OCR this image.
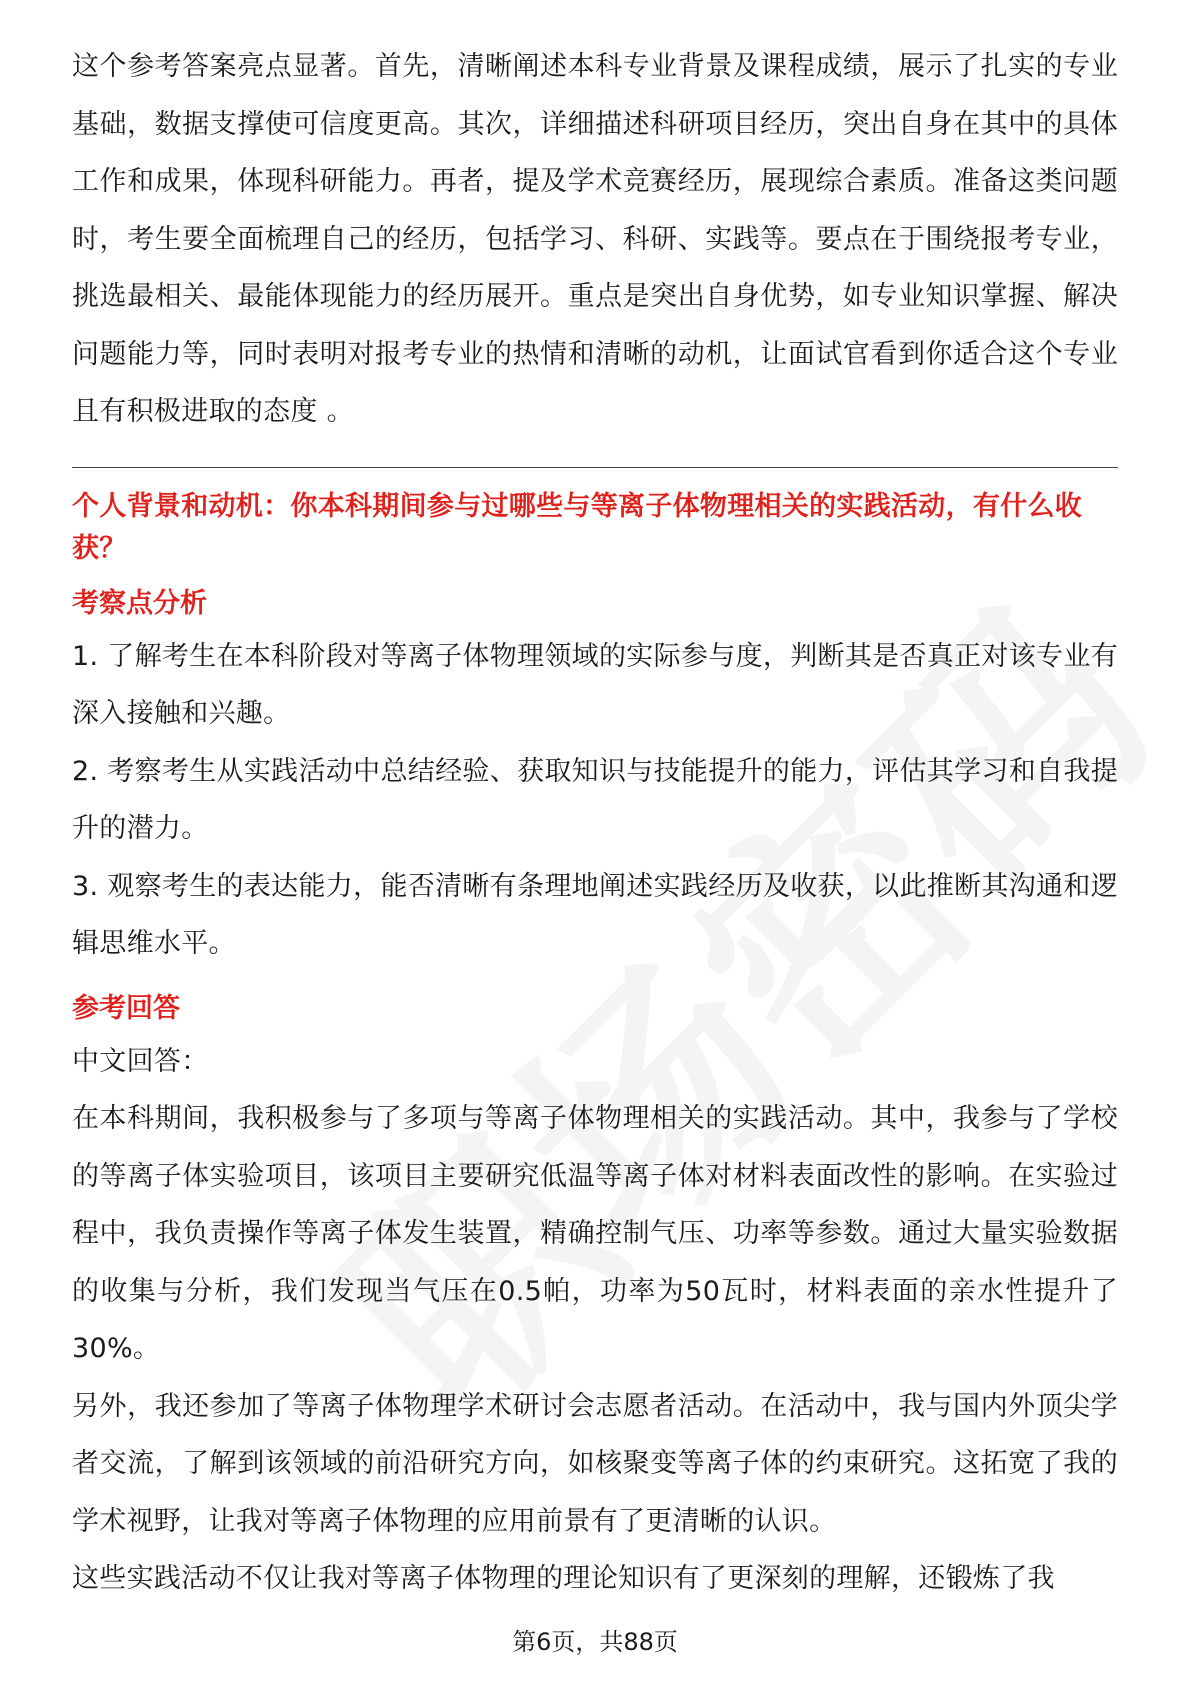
这个参考答案亮点显著。首先，清晰阐述本科专业背景及课程成绩，展示了扎实的专业基础，数据支撑使可信度更高。其次，详细描述科研项目经历，突出自身在其中的具体工作和成果，体现科研能力。再者，提及学术竞赛经历，展现综合素质。准备这类问题时，考生要全面梳理自己的经历，包括学习、科研、实践等。要点在于围绕报考专业，挑选最相关、最能体现能力的经历展开。重点是突出自身优势，如专业知识掌握、解决问题能力等，同时表明对报考专业的热情和清晰的动机，让面试官看到你适合这个专业且有积极进取的态度 。

个人背景和动机：你本科期间参与过哪些与等离子体物理相关的实践活动，有什么收获？

考察点分析

1. 了解考生在本科阶段对等离子体物理领域的实际参与度，判断其是否真正对该专业有深入接触和兴趣。

2. 考察考生从实践活动中总结经验、获取知识与技能提升的能力，评估其学习和自我提升的潜力。

3. 观察考生的表达能力，能否清晰有条理地阐述实践经历及收获，以此推断其沟通和逻辑思维水平。

参考回答

中文回答：

在本科期间，我积极参与了多项与等离子体物理相关的实践活动。其中，我参与了学校的等离子体实验项目，该项目主要研究低温等离子体对材料表面改性的影响。在实验过程中，我负责操作等离子体发生装置，精确控制气压、功率等参数。通过大量实验数据的收集与分析，我们发现当气压在0.5帕，功率为50瓦时，材料表面的亲水性提升了30%。

另外，我还参加了等离子体物理学术研讨会志愿者活动。在活动中，我与国内外顶尖学者交流，了解到该领域的前沿研究方向，如核聚变等离子体的约束研究。这拓宽了我的学术视野，让我对等离子体物理的应用前景有了更清晰的认识。

这些实践活动不仅让我对等离子体物理的理论知识有了更深刻的理解，还锻炼了我

第6页，共88页
